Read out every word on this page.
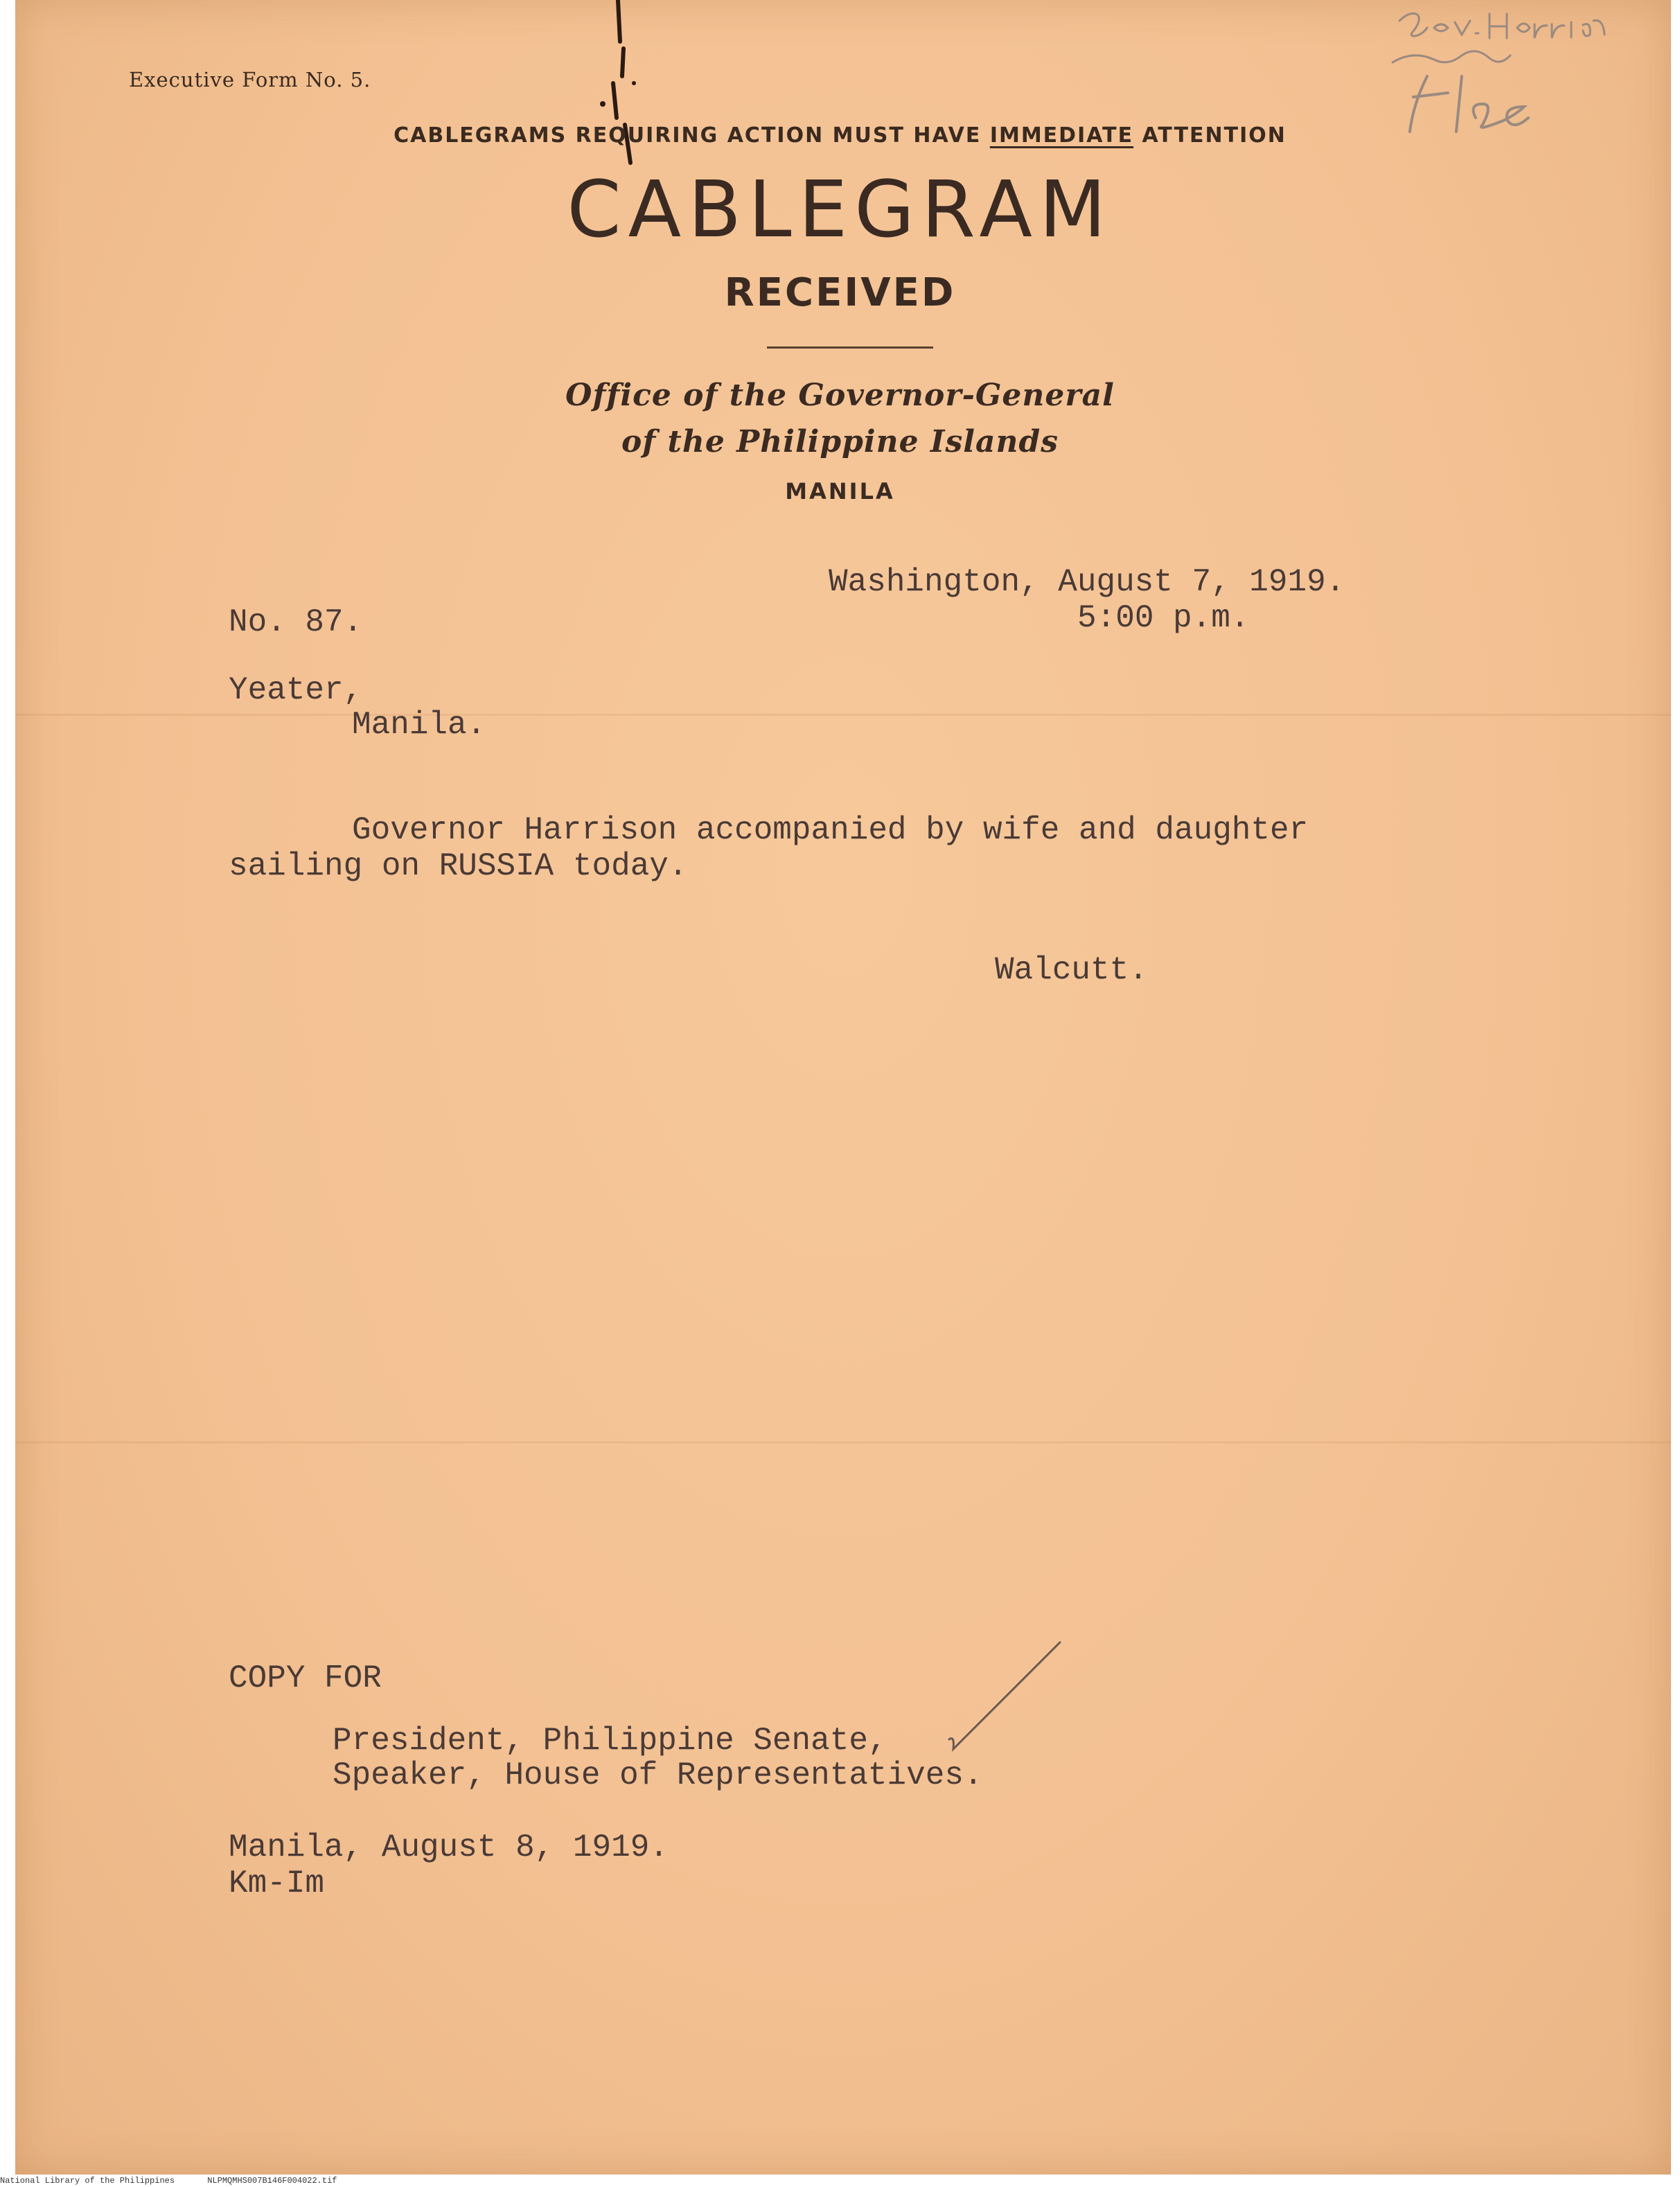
Executive Form No. 5.
CABLEGRAMS REQUIRING ACTION MUST HAVE IMMEDIATE ATTENTION
CABLEGRAM
RECEIVED
Office of the Governor-General
of the Philippine Islands
MANILA
Washington, August 7, 1919.
5:00 p.m.
No. 87.
Yeater,
Manila.
Governor Harrison accompanied by wife and daughter
sailing on RUSSIA today.
Walcutt.
COPY FOR
President, Philippine Senate,
Speaker, House of Representatives.
Manila, August 8, 1919.
Km-Im
National Library of the Philippines	NLPMQMHS007B146F004022.tif
